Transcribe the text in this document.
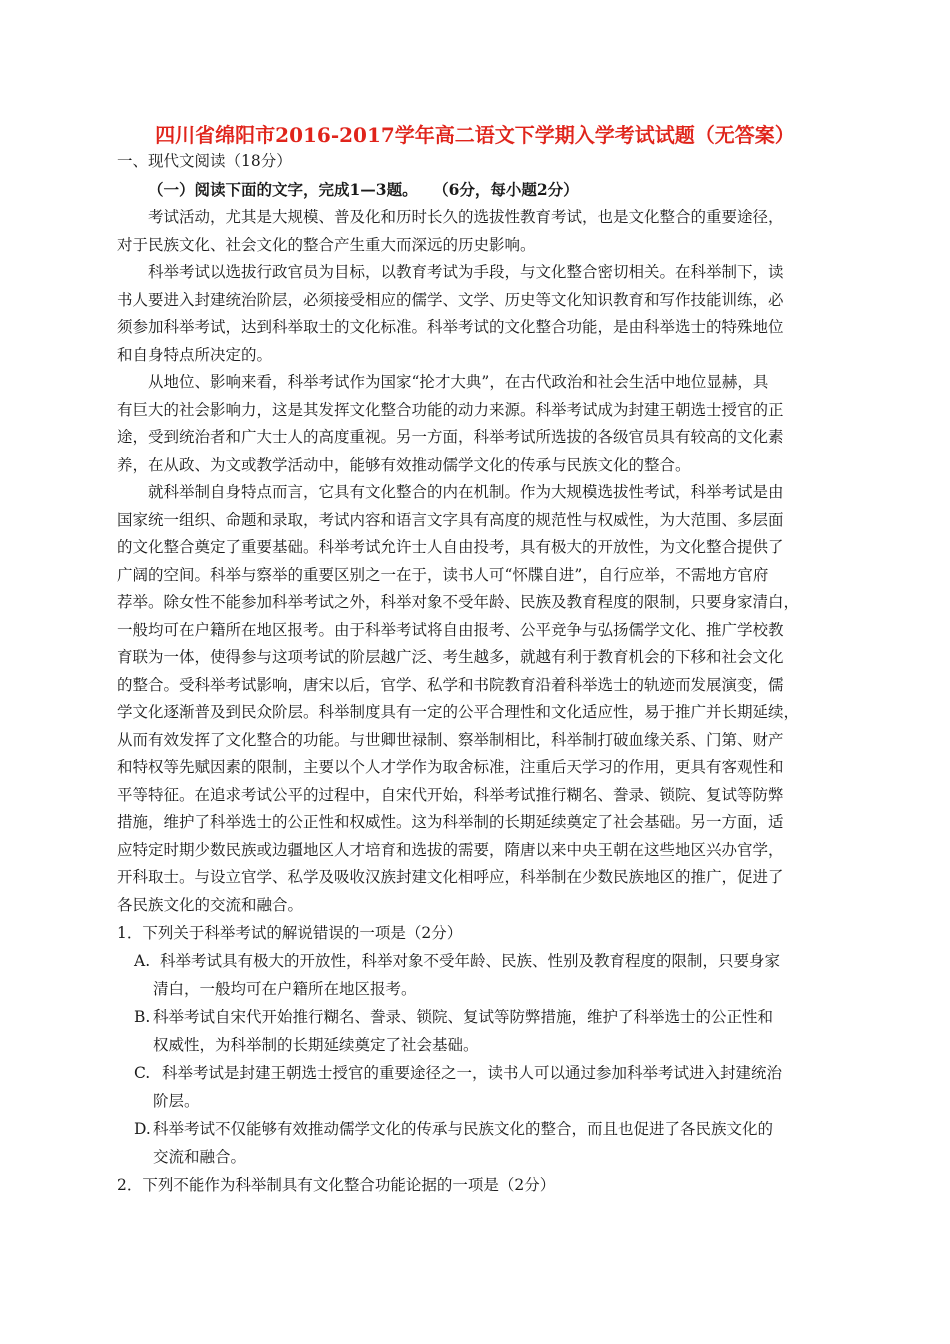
四川省绵阳市2016-2017学年高二语文下学期入学考试试题（无答案）
一、现代文阅读（18分）
（一）阅读下面的文字，完成1—3题。　　（6分，每小题2分）
考试活动，尤其是大规模、普及化和历时长久的选拔性教育考试，也是文化整合的重要途径，
对于民族文化、社会文化的整合产生重大而深远的历史影响。
科举考试以选拔行政官员为目标，以教育考试为手段，与文化整合密切相关。在科举制下，读
书人要进入封建统治阶层，必须接受相应的儒学、文学、历史等文化知识教育和写作技能训练，必
须参加科举考试，达到科举取士的文化标准。科举考试的文化整合功能，是由科举选士的特殊地位
和自身特点所决定的。
从地位、影响来看，科举考试作为国家“抡才大典”，在古代政治和社会生活中地位显赫，具
有巨大的社会影响力，这是其发挥文化整合功能的动力来源。科举考试成为封建王朝选士授官的正
途，受到统治者和广大士人的高度重视。另一方面，科举考试所选拔的各级官员具有较高的文化素
养，在从政、为文或教学活动中，能够有效推动儒学文化的传承与民族文化的整合。
就科举制自身特点而言，它具有文化整合的内在机制。作为大规模选拔性考试，科举考试是由
国家统一组织、命题和录取，考试内容和语言文字具有高度的规范性与权威性，为大范围、多层面
的文化整合奠定了重要基础。科举考试允许士人自由投考，具有极大的开放性，为文化整合提供了
广阔的空间。科举与察举的重要区别之一在于，读书人可“怀牒自进”，自行应举，不需地方官府
荐举。除女性不能参加科举考试之外，科举对象不受年龄、民族及教育程度的限制，只要身家清白，
一般均可在户籍所在地区报考。由于科举考试将自由报考、公平竞争与弘扬儒学文化、推广学校教
育联为一体，使得参与这项考试的阶层越广泛、考生越多，就越有利于教育机会的下移和社会文化
的整合。受科举考试影响，唐宋以后，官学、私学和书院教育沿着科举选士的轨迹而发展演变，儒
学文化逐渐普及到民众阶层。科举制度具有一定的公平合理性和文化适应性，易于推广并长期延续，
从而有效发挥了文化整合的功能。与世卿世禄制、察举制相比，科举制打破血缘关系、门第、财产
和特权等先赋因素的限制，主要以个人才学作为取舍标准，注重后天学习的作用，更具有客观性和
平等特征。在追求考试公平的过程中，自宋代开始，科举考试推行糊名、誊录、锁院、复试等防弊
措施，维护了科举选士的公正性和权威性。这为科举制的长期延续奠定了社会基础。另一方面，适
应特定时期少数民族或边疆地区人才培育和选拔的需要，隋唐以来中央王朝在这些地区兴办官学，
开科取士。与设立官学、私学及吸收汉族封建文化相呼应，科举制在少数民族地区的推广，促进了
各民族文化的交流和融合。
1．下列关于科举考试的解说错误的一项是（2分）
A. 科举考试具有极大的开放性，科举对象不受年龄、民族、性别及教育程度的限制，只要身家
清白，一般均可在户籍所在地区报考。
B. 科举考试自宋代开始推行糊名、誊录、锁院、复试等防弊措施，维护了科举选士的公正性和
权威性，为科举制的长期延续奠定了社会基础。
C. 科举考试是封建王朝选士授官的重要途径之一，读书人可以通过参加科举考试进入封建统治
阶层。
D. 科举考试不仅能够有效推动儒学文化的传承与民族文化的整合，而且也促进了各民族文化的
交流和融合。
2．下列不能作为科举制具有文化整合功能论据的一项是（2分）
